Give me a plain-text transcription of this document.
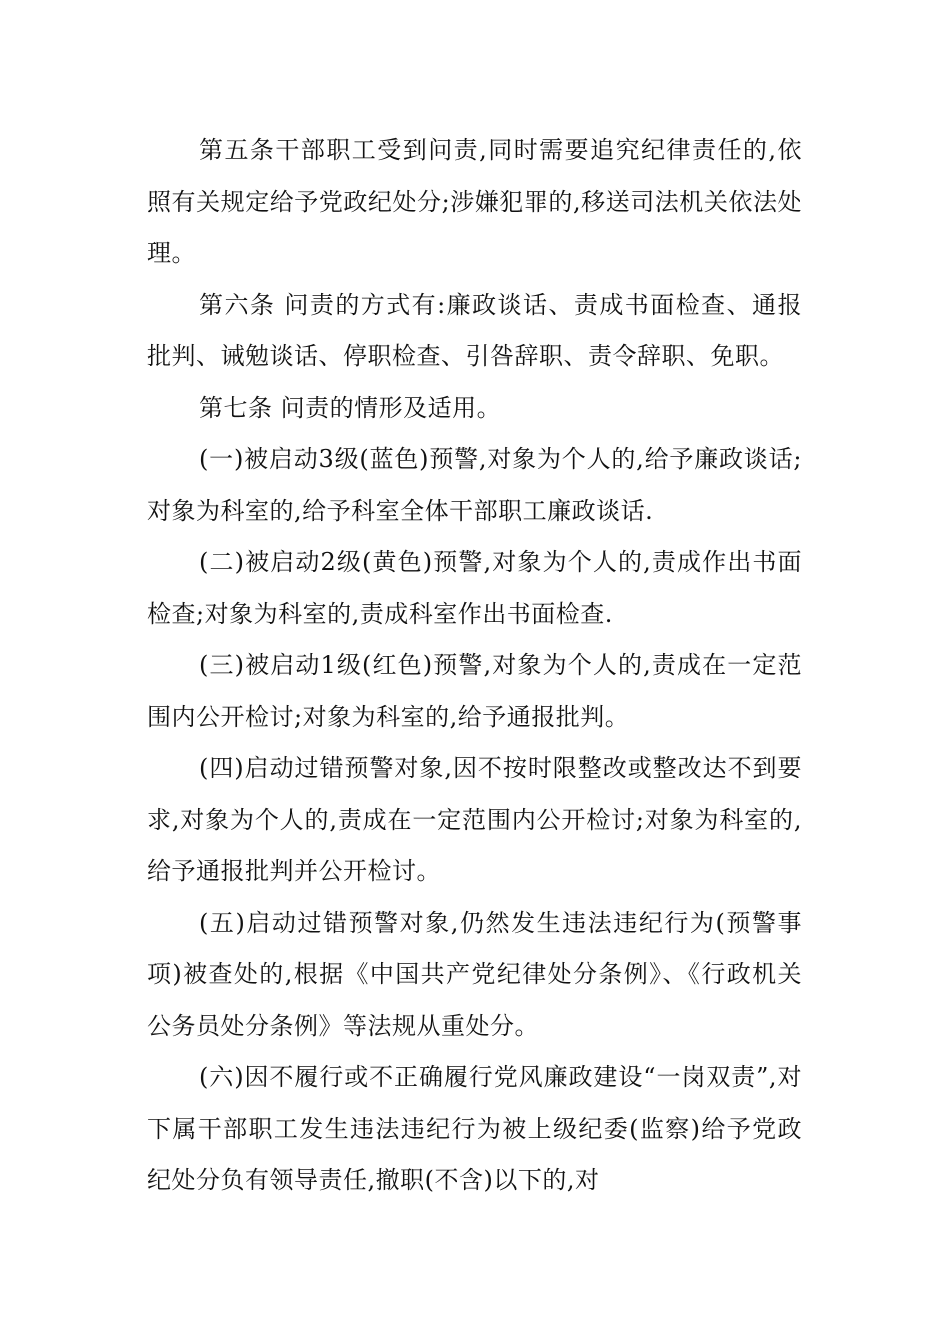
第五条干部职工受到问责,同时需要追究纪律责任的,依照有关规定给予党政纪处分;涉嫌犯罪的,移送司法机关依法处理。

第六条 问责的方式有:廉政谈话、责成书面检查、通报批判、诫勉谈话、停职检查、引咎辞职、责令辞职、免职。

第七条 问责的情形及适用。

(一)被启动3级(蓝色)预警,对象为个人的,给予廉政谈话;对象为科室的,给予科室全体干部职工廉政谈话.

(二)被启动2级(黄色)预警,对象为个人的,责成作出书面检查;对象为科室的,责成科室作出书面检查.

(三)被启动1级(红色)预警,对象为个人的,责成在一定范围内公开检讨;对象为科室的,给予通报批判。

(四)启动过错预警对象,因不按时限整改或整改达不到要求,对象为个人的,责成在一定范围内公开检讨;对象为科室的,给予通报批判并公开检讨。

(五)启动过错预警对象,仍然发生违法违纪行为(预警事项)被查处的,根据《中国共产党纪律处分条例》、《行政机关公务员处分条例》等法规从重处分。

(六)因不履行或不正确履行党风廉政建设“一岗双责”,对下属干部职工发生违法违纪行为被上级纪委(监察)给予党政纪处分负有领导责任,撤职(不含)以下的,对
